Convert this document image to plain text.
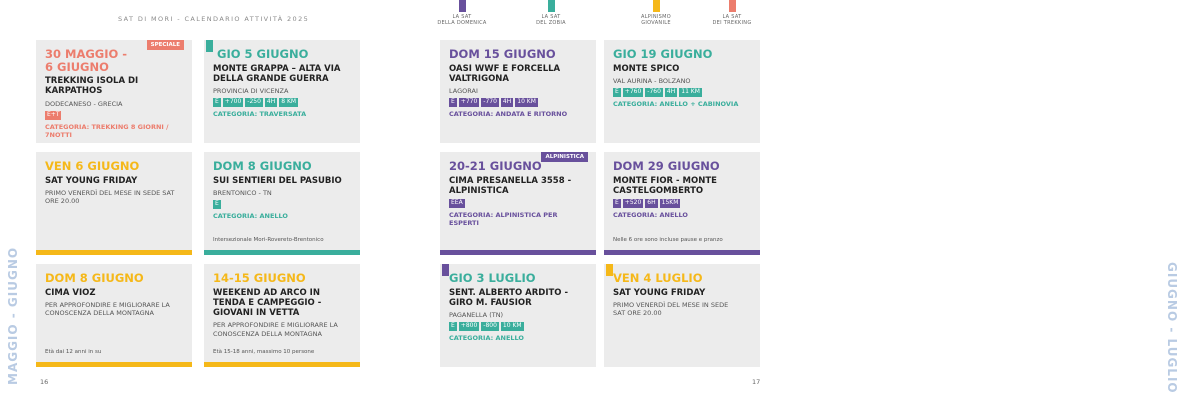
SAT DI MORI - CALENDARIO ATTIVITÀ 2025
MAGGIO - GIUGNO	16
SPECIALE
30 MAGGIO -
6 GIUGNO
TREKKING ISOLA DI
KARPATHOS
DODECANESO - GRECIA
E+T
CATEGORIA: TREKKING 8 GIORNI /
7NOTTI
GIO 5 GIUGNO
MONTE GRAPPA – ALTA VIA
DELLA GRANDE GUERRA
PROVINCIA DI VICENZA
E	+700	-250	4H	8 KM
CATEGORIA: TRAVERSATA
VEN 6 GIUGNO
SAT YOUNG FRIDAY
PRIMO VENERDÌ DEL MESE IN SEDE SAT
ORE 20.00
DOM 8 GIUGNO
SUI SENTIERI DEL PASUBIO
BRENTONICO - TN
E
CATEGORIA: ANELLO
Intersezionale Mori-Rovereto-Brentonico
DOM 8 GIUGNO
CIMA VIOZ
PER APPROFONDIRE E MIGLIORARE LA
CONOSCENZA DELLA MONTAGNA
Età dai 12 anni in su
14-15 GIUGNO
WEEKEND AD ARCO IN
TENDA E CAMPEGGIO -
GIOVANI IN VETTA
PER APPROFONDIRE E MIGLIORARE LA
CONOSCENZA DELLA MONTAGNA
Età 15-18 anni, massimo 10 persone
LA SAT
DELLA DOMENICA
LA SAT
DEL ZOBIA
ALPINISMO
GIOVANILE
LA SAT
DEI TREKKING
17
DOM 15 GIUGNO
OASI WWF E FORCELLA
VALTRIGONA
LAGORAI
E	+770	-770	4H	10 KM
CATEGORIA: ANDATA E RITORNO
GIO 19 GIUGNO
MONTE SPICO
VAL AURINA - BOLZANO
E	+760	-760	4H	11 KM
CATEGORIA: ANELLO + CABINOVIA
ALPINISTICA
20-21 GIUGNO
CIMA PRESANELLA 3558 -
ALPINISTICA
EEA
CATEGORIA: ALPINISTICA PER ESPERTI
DOM 29 GIUGNO
MONTE FIOR - MONTE
CASTELGOMBERTO
E	+520	6H	15KM
CATEGORIA: ANELLO
Nelle 6 ore sono incluse pause e pranzo
GIO 3 LUGLIO
SENT. ALBERTO ARDITO -
GIRO M. FAUSIOR
PAGANELLA (TN)
E	+800	-800	10 KM
CATEGORIA: ANELLO
VEN 4 LUGLIO
SAT YOUNG FRIDAY
PRIMO VENERDÌ DEL MESE IN SEDE
SAT ORE 20.00	GIUGNO - LUGLIO
